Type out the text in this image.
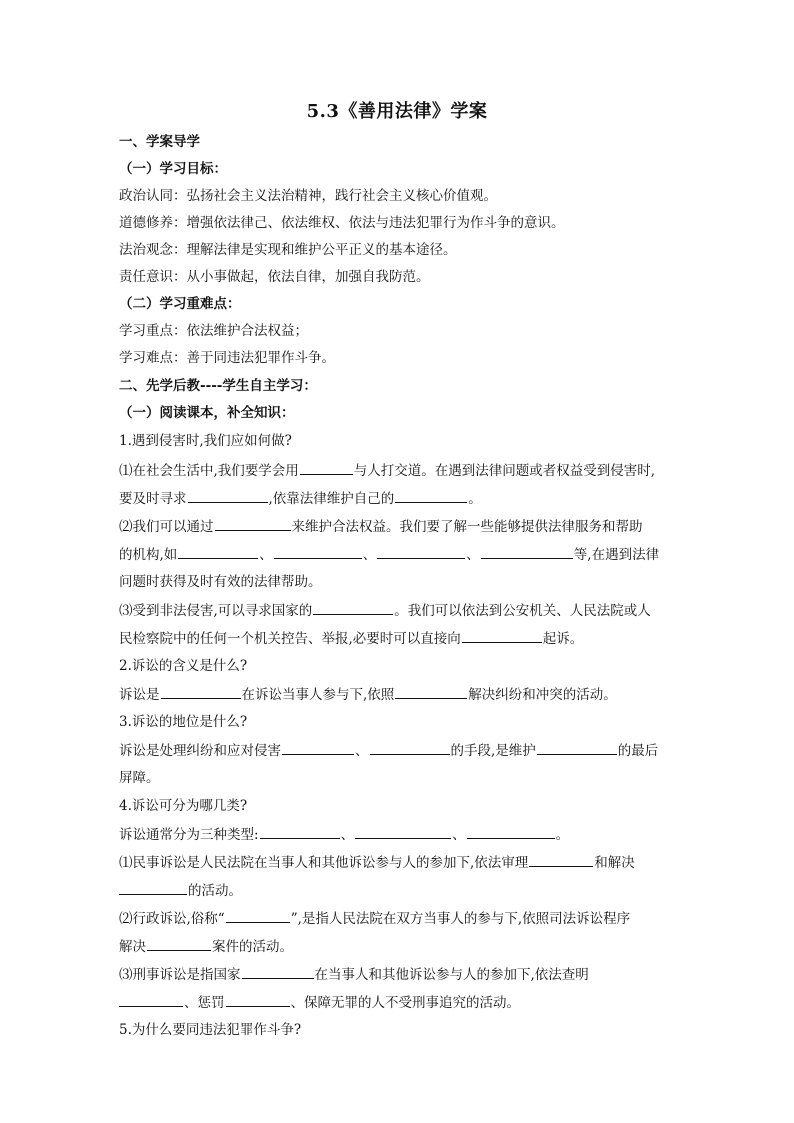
5.3《善用法律》学案
一、学案导学
（一）学习目标：
政治认同：弘扬社会主义法治精神，践行社会主义核心价值观。
道德修养：增强依法律己、依法维权、依法与违法犯罪行为作斗争的意识。
法治观念：理解法律是实现和维护公平正义的基本途径。
责任意识：从小事做起，依法自律，加强自我防范。
（二）学习重难点：
学习重点：依法维护合法权益；
学习难点：善于同违法犯罪作斗争。
二、先学后教----学生自主学习：
（一）阅读课本，补全知识：
1.遇到侵害时,我们应如何做?
⑴在社会生活中,我们要学会用	与人打交道。在遇到法律问题或者权益受到侵害时,
要及时寻求	,依靠法律维护自己的	。
⑵我们可以通过	来维护合法权益。我们要了解一些能够提供法律服务和帮助
的机构,如	、	、	、	等,在遇到法律
问题时获得及时有效的法律帮助。
⑶受到非法侵害,可以寻求国家的	。我们可以依法到公安机关、人民法院或人
民检察院中的任何一个机关控告、举报,必要时可以直接向	起诉。
2.诉讼的含义是什么?
诉讼是	在诉讼当事人参与下,依照	解决纠纷和冲突的活动。
3.诉讼的地位是什么?
诉讼是处理纠纷和应对侵害	、	的手段,是维护	的最后
屏障。
4.诉讼可分为哪几类?
诉讼通常分为三种类型:	、	、	。
⑴民事诉讼是人民法院在当事人和其他诉讼参与人的参加下,依法审理	和解决
的活动。
⑵行政诉讼,俗称“	”,是指人民法院在双方当事人的参与下,依照司法诉讼程序
解决	案件的活动。
⑶刑事诉讼是指国家	在当事人和其他诉讼参与人的参加下,依法查明
、惩罚	、保障无罪的人不受刑事追究的活动。
5.为什么要同违法犯罪作斗争?
